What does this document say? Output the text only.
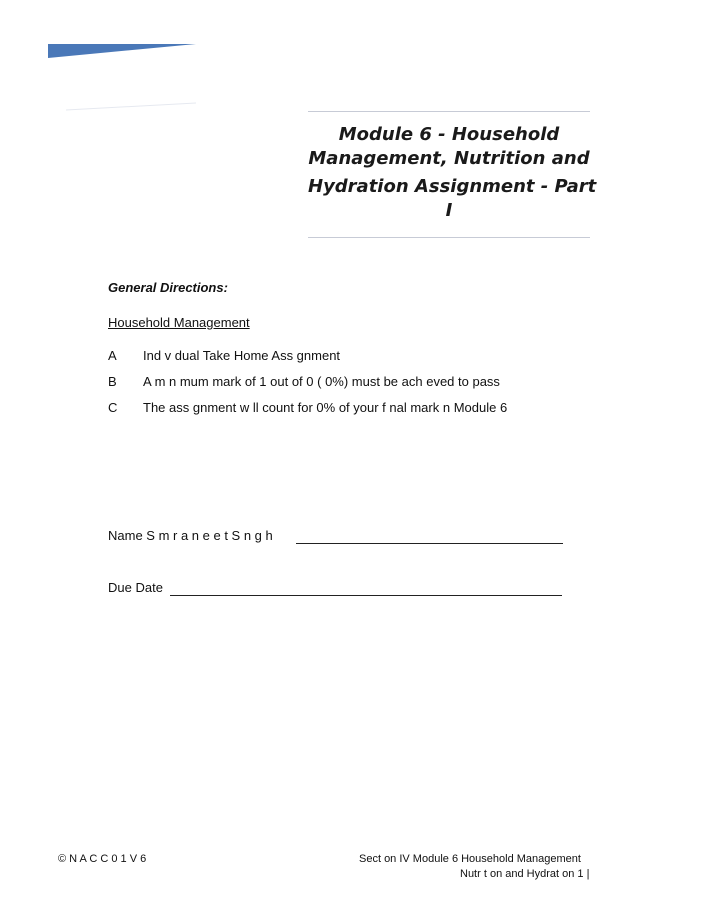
Module 6 - Household
Management, Nutrition and
Hydration Assignment - Part
I
General Directions:
Household Management
A Ind v dual Take Home Ass gnment
B A m n mum mark of 1 out of 0 ( 0%) must be ach eved to pass
C The ass gnment w ll count for 0% of your f nal mark n Module 6
Name S m r a n e e t S n g h
Due Date
© N A C C 0 1 V 6	Sect on IV Module 6 Household Management
Nutr t on and Hydrat on 1 |
